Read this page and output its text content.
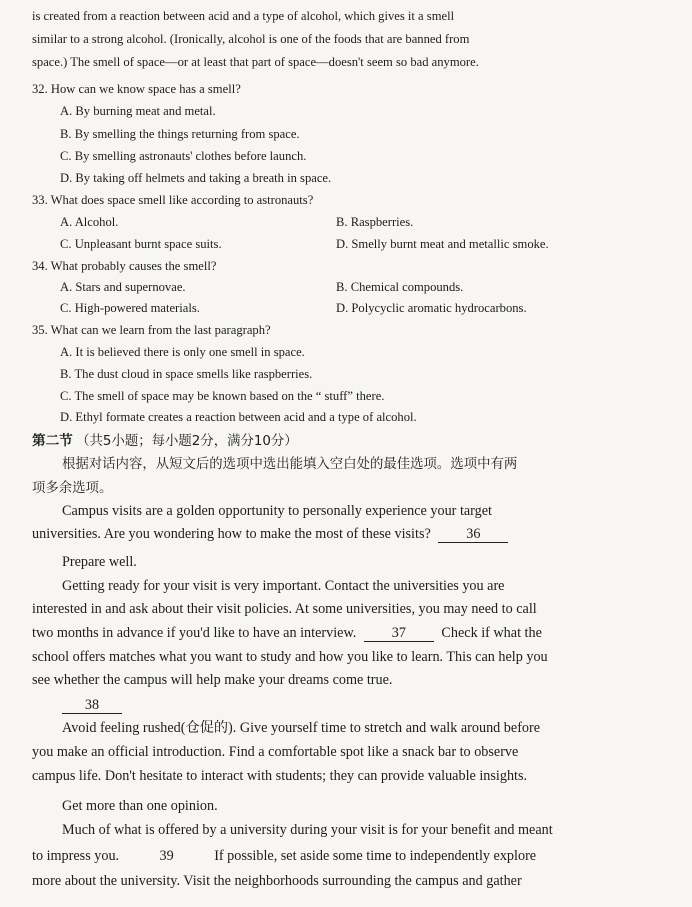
is created from a reaction between acid and a type of alcohol, which gives it a smell
similar to a strong alcohol. (Ironically, alcohol is one of the foods that are banned from
space.) The smell of space—or at least that part of space—doesn't seem so bad anymore.
32. How can we know space has a smell?
A. By burning meat and metal.
B. By smelling the things returning from space.
C. By smelling astronauts' clothes before launch.
D. By taking off helmets and taking a breath in space.
33. What does space smell like according to astronauts?
A. Alcohol.	B. Raspberries.
C. Unpleasant burnt space suits.	D. Smelly burnt meat and metallic smoke.
34. What probably causes the smell?
A. Stars and supernovae.	B. Chemical compounds.
C. High-powered materials.	D. Polycyclic aromatic hydrocarbons.
35. What can we learn from the last paragraph?
A. It is believed there is only one smell in space.
B. The dust cloud in space smells like raspberries.
C. The smell of space may be known based on the “ stuff” there.
D. Ethyl formate creates a reaction between acid and a type of alcohol.
第二节 （共5小题；每小题2分，满分10分）
根据对话内容，从短文后的选项中选出能填入空白处的最佳选项。选项中有两
项多余选项。
Campus visits are a golden opportunity to personally experience your target
universities. Are you wondering how to make the most of these visits? 36
Prepare well.
Getting ready for your visit is very important. Contact the universities you are
interested in and ask about their visit policies. At some universities, you may need to call
two months in advance if you'd like to have an interview. 37 Check if what the
school offers matches what you want to study and how you like to learn. This can help you
see whether the campus will help make your dreams come true.
38
Avoid feeling rushed(仓促的). Give yourself time to stretch and walk around before
you make an official introduction. Find a comfortable spot like a snack bar to observe
campus life. Don't hesitate to interact with students; they can provide valuable insights.
Get more than one opinion.
Much of what is offered by a university during your visit is for your benefit and meant
to impress you.	39	If possible, set aside some time to independently explore
more about the university. Visit the neighborhoods surrounding the campus and gather
